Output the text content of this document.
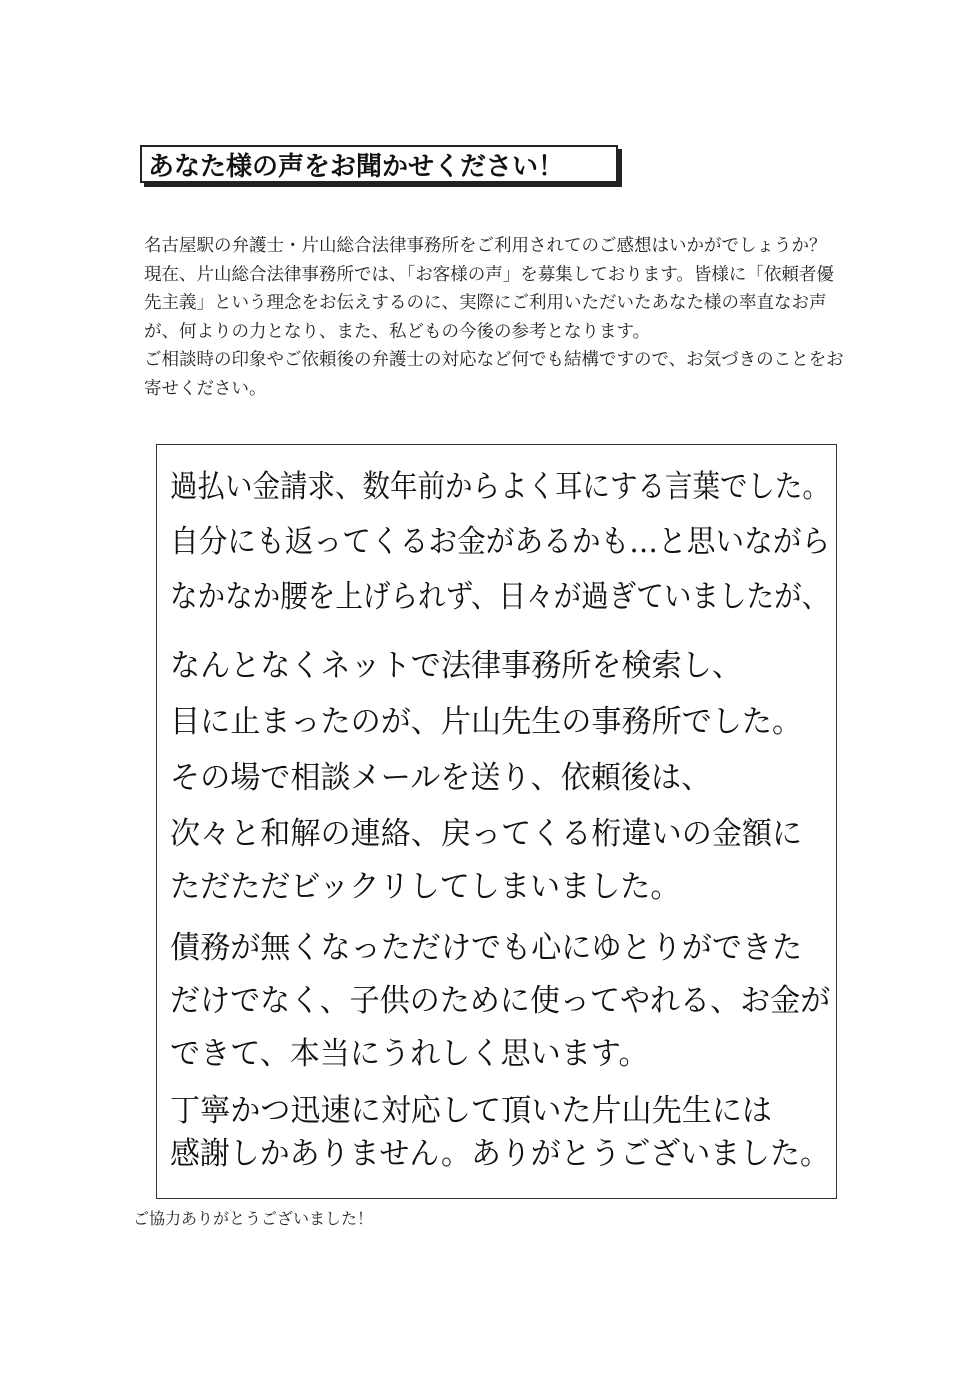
あなた様の声をお聞かせください！

名古屋駅の弁護士・片山総合法律事務所をご利用されてのご感想はいかがでしょうか？

現在、片山総合法律事務所では、「お客様の声」を募集しております。皆様に「依頼者優先主義」という理念をお伝えするのに、実際にご利用いただいたあなた様の率直なお声が、何よりの力となり、また、私どもの今後の参考となります。

ご相談時の印象やご依頼後の弁護士の対応など何でも結構ですので、お気づきのことをお寄せください。

過払い金請求、数年前からよく耳にする言葉でした。
自分にも返ってくるお金があるかも…と思いながら
なかなか腰を上げられず、日々が過ぎていましたが、
なんとなくネットで法律事務所を検索し、
目に止まったのが、片山先生の事務所でした。
その場で相談メールを送り、依頼後は、
次々と和解の連絡、戻ってくる桁違いの金額に
ただただビックリしてしまいました。
債務が無くなっただけでも心にゆとりができた
だけでなく、子供のために使ってやれる、お金が
できて、本当にうれしく思います。
丁寧かつ迅速に対応して頂いた片山先生には
感謝しかありません。ありがとうございました。
ご協力ありがとうございました！
